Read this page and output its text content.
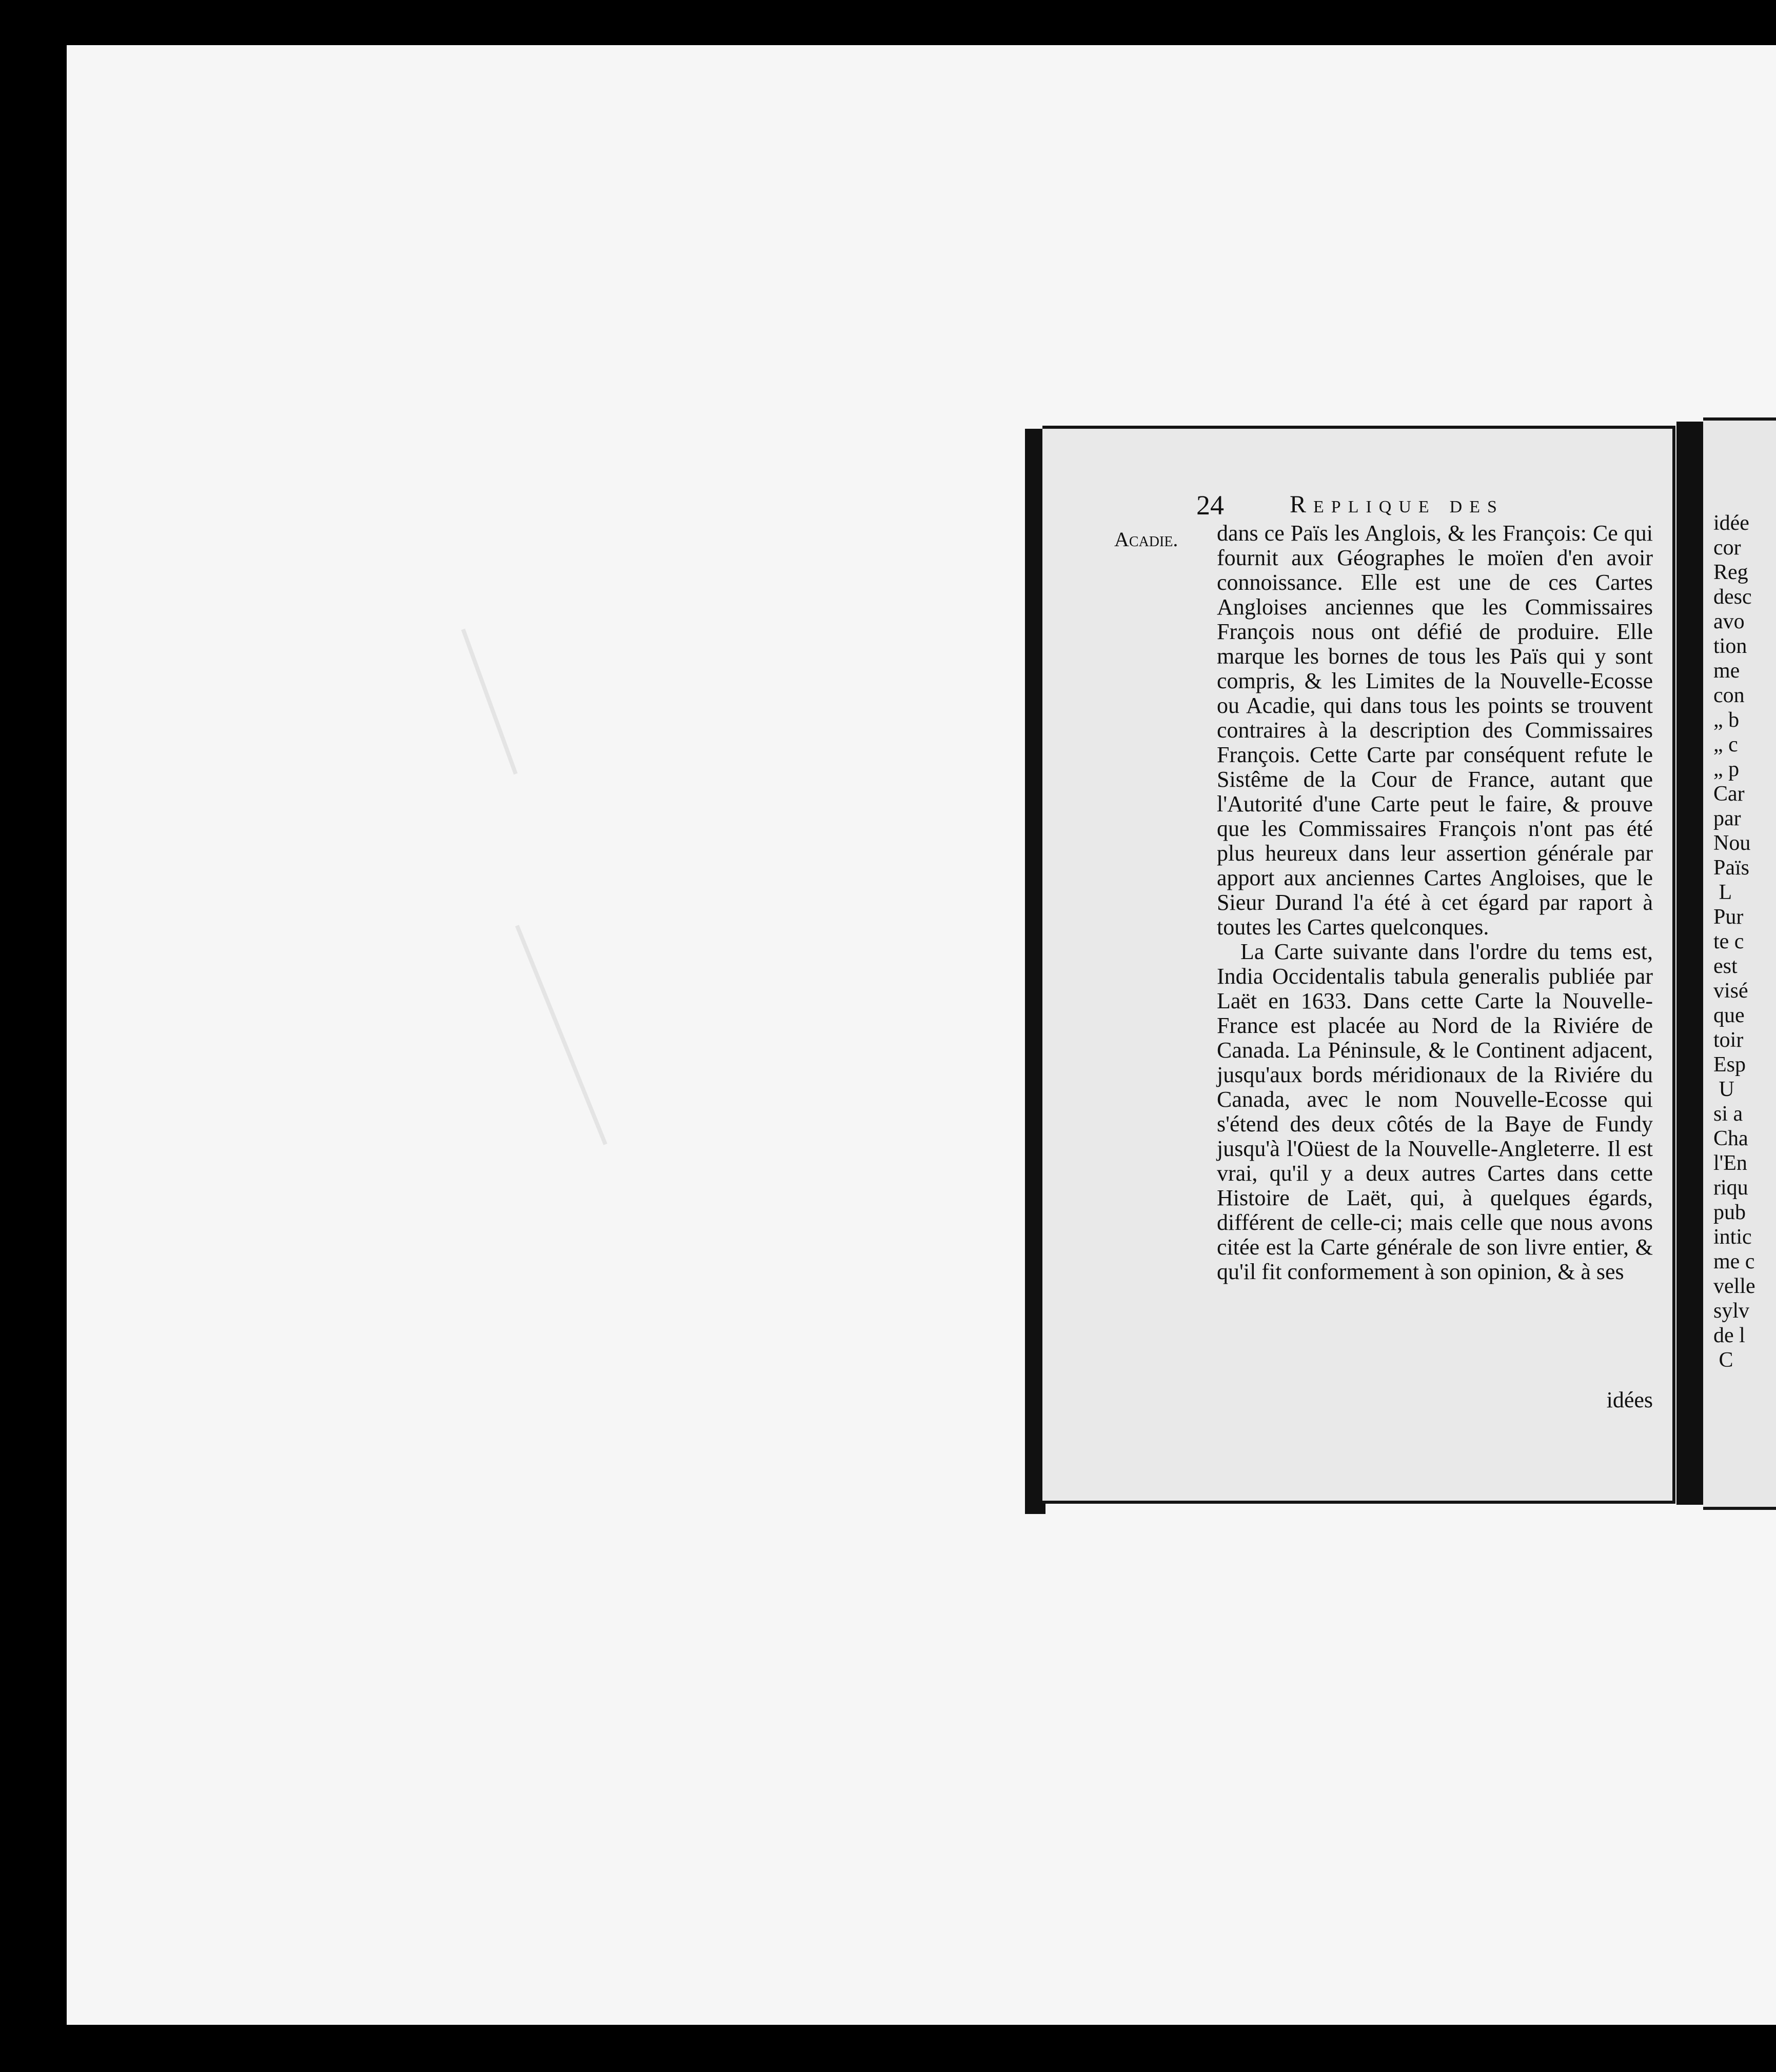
24	Replique des
Acadie. dans ce Païs les Anglois, & les François: Ce qui fournit aux Géographes le moïen d'en avoir connoissance. Elle est une de ces Cartes Angloises anciennes que les Commissaires François nous ont défié de produire. Elle marque les bornes de tous les Païs qui y sont compris, & les Limites de la Nouvelle-Ecosse ou Acadie, qui dans tous les points se trouvent contraires à la description des Commissaires François. Cette Carte par conséquent refute le Sistême de la Cour de France, autant que l'Autorité d'une Carte peut le faire, & prouve que les Commissaires François n'ont pas été plus heureux dans leur assertion générale par apport aux anciennes Cartes Angloises, que le Sieur Durand l'a été à cet égard par raport à toutes les Cartes quelconques.

La Carte suivante dans l'ordre du tems est, India Occidentalis tabula generalis publiée par Laët en 1633. Dans cette Carte la Nouvelle-France est placée au Nord de la Riviére de Canada. La Péninsule, & le Continent adjacent, jusqu'aux bords méridionaux de la Riviére du Canada, avec le nom Nouvelle-Ecosse qui s'étend des deux côtés de la Baye de Fundy jusqu'à l'Oüest de la Nouvelle-Angleterre. Il est vrai, qu'il y a deux autres Cartes dans cette Histoire de Laët, qui, à quelques égards, différent de celle-ci; mais celle que nous avons citée est la Carte générale de son livre entier, & qu'il fit conformement à son opinion, & à ses

idées
idée
cor
Reg
desc
avo
tion
me
con
„ b
„ c
„ p
Car
par
Nou
Païs
L
Pur
te c
est
visé
que
toir
Esp
U
si a
Cha
l'En
riqu
pub
intic
me c
velle
sylv
de l
C
